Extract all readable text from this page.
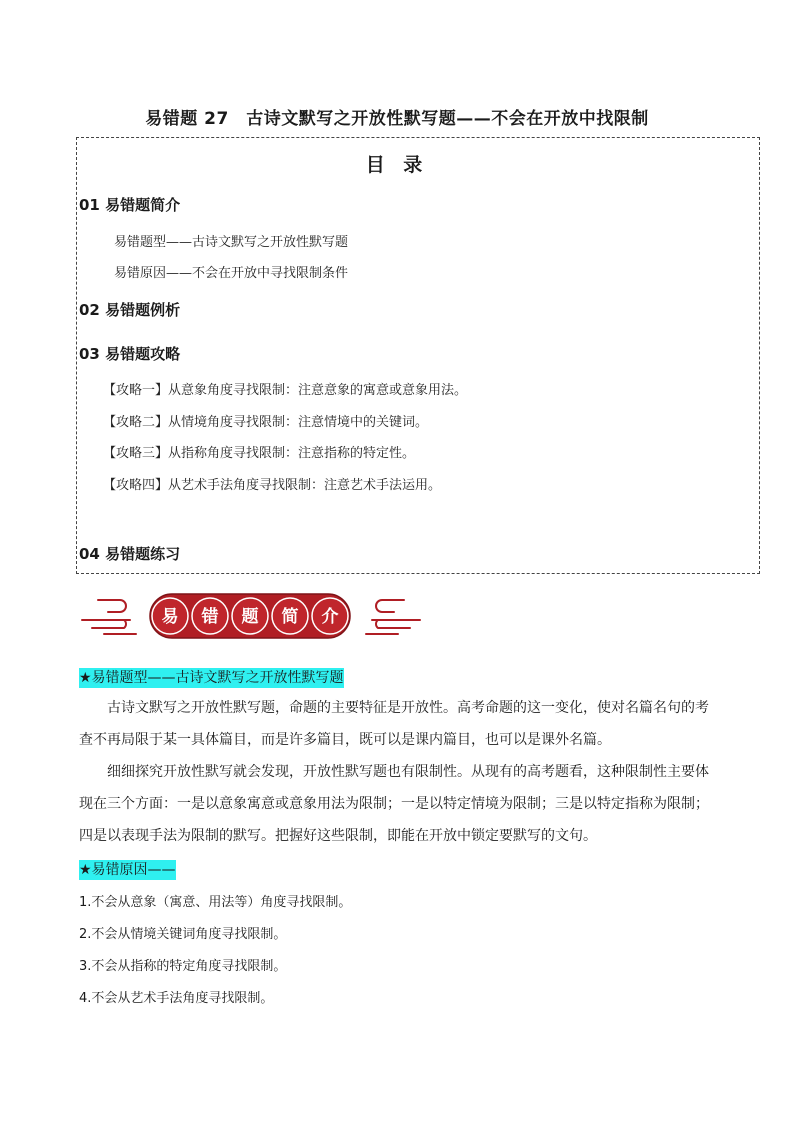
易错题 27　古诗文默写之开放性默写题——不会在开放中找限制
目 录
01 易错题简介
易错题型——古诗文默写之开放性默写题
易错原因——不会在开放中寻找限制条件
02 易错题例析
03 易错题攻略
【攻略一】从意象角度寻找限制：注意意象的寓意或意象用法。
【攻略二】从情境角度寻找限制：注意情境中的关键词。
【攻略三】从指称角度寻找限制：注意指称的特定性。
【攻略四】从艺术手法角度寻找限制：注意艺术手法运用。
04 易错题练习
易 错 题 简 介
★易错题型——古诗文默写之开放性默写题

古诗文默写之开放性默写题，命题的主要特征是开放性。高考命题的这一变化，使对名篇名句的考查不再局限于某一具体篇目，而是许多篇目，既可以是课内篇目，也可以是课外名篇。

细细探究开放性默写就会发现，开放性默写题也有限制性。从现有的高考题看，这种限制性主要体现在三个方面：一是以意象寓意或意象用法为限制；一是以特定情境为限制；三是以特定指称为限制；四是以表现手法为限制的默写。把握好这些限制，即能在开放中锁定要默写的文句。

★易错原因——
1.不会从意象（寓意、用法等）角度寻找限制。
2.不会从情境关键词角度寻找限制。
3.不会从指称的特定角度寻找限制。
4.不会从艺术手法角度寻找限制。
